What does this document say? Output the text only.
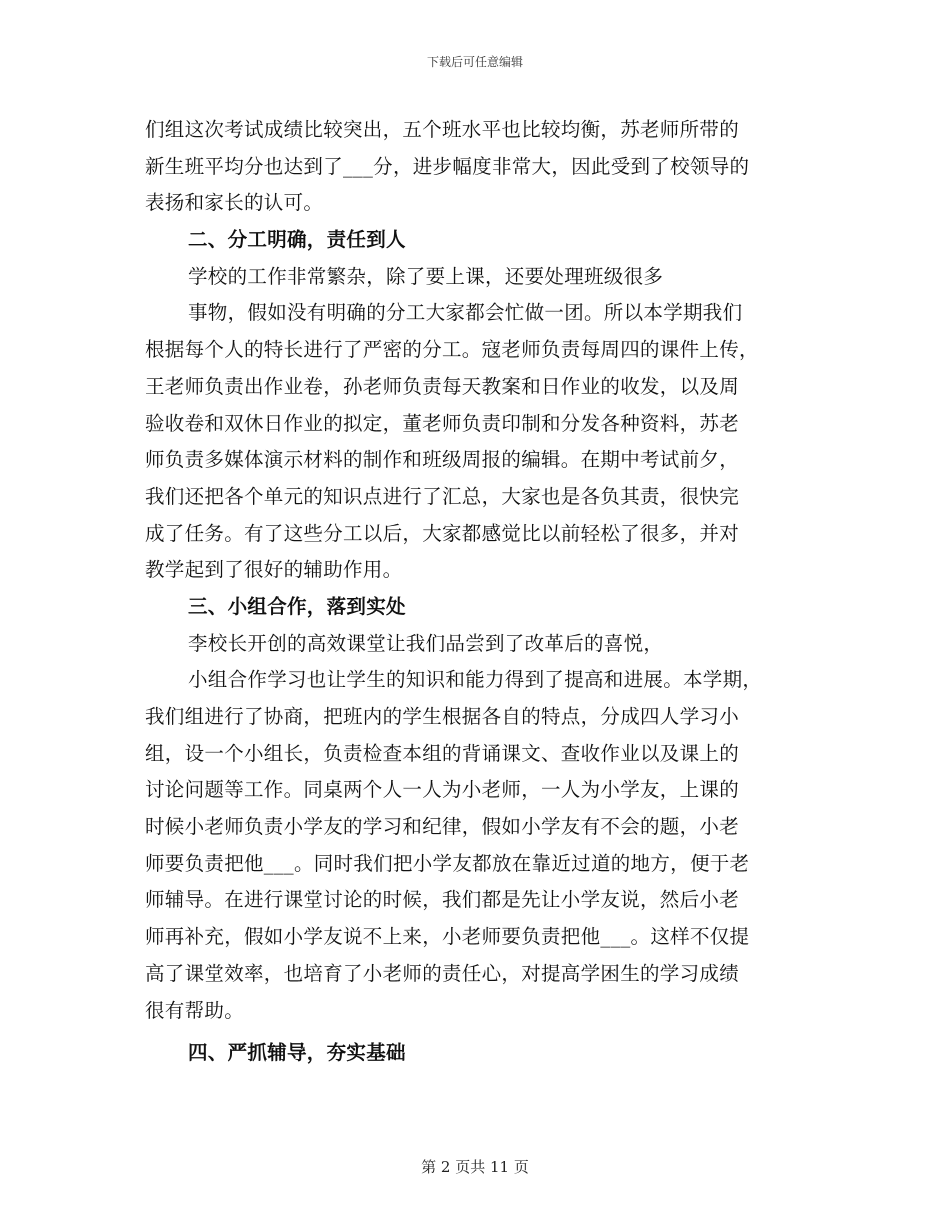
下载后可任意编辑
们组这次考试成绩比较突出，五个班水平也比较均衡，苏老师所带的
新生班平均分也达到了___分，进步幅度非常大，因此受到了校领导的
表扬和家长的认可。
二、分工明确，责任到人
学校的工作非常繁杂，除了要上课，还要处理班级很多
事物，假如没有明确的分工大家都会忙做一团。所以本学期我们
根据每个人的特长进行了严密的分工。寇老师负责每周四的课件上传，
王老师负责出作业卷，孙老师负责每天教案和日作业的收发，以及周
验收卷和双休日作业的拟定，董老师负责印制和分发各种资料，苏老
师负责多媒体演示材料的制作和班级周报的编辑。在期中考试前夕，
我们还把各个单元的知识点进行了汇总，大家也是各负其责，很快完
成了任务。有了这些分工以后，大家都感觉比以前轻松了很多，并对
教学起到了很好的辅助作用。
三、小组合作，落到实处
李校长开创的高效课堂让我们品尝到了改革后的喜悦，
小组合作学习也让学生的知识和能力得到了提高和进展。本学期，
我们组进行了协商，把班内的学生根据各自的特点，分成四人学习小
组，设一个小组长，负责检查本组的背诵课文、查收作业以及课上的
讨论问题等工作。同桌两个人一人为小老师，一人为小学友，上课的
时候小老师负责小学友的学习和纪律，假如小学友有不会的题，小老
师要负责把他___。同时我们把小学友都放在靠近过道的地方，便于老
师辅导。在进行课堂讨论的时候，我们都是先让小学友说，然后小老
师再补充，假如小学友说不上来，小老师要负责把他___。这样不仅提
高了课堂效率，也培育了小老师的责任心，对提高学困生的学习成绩
很有帮助。
四、严抓辅导，夯实基础
第 2 页共 11 页
